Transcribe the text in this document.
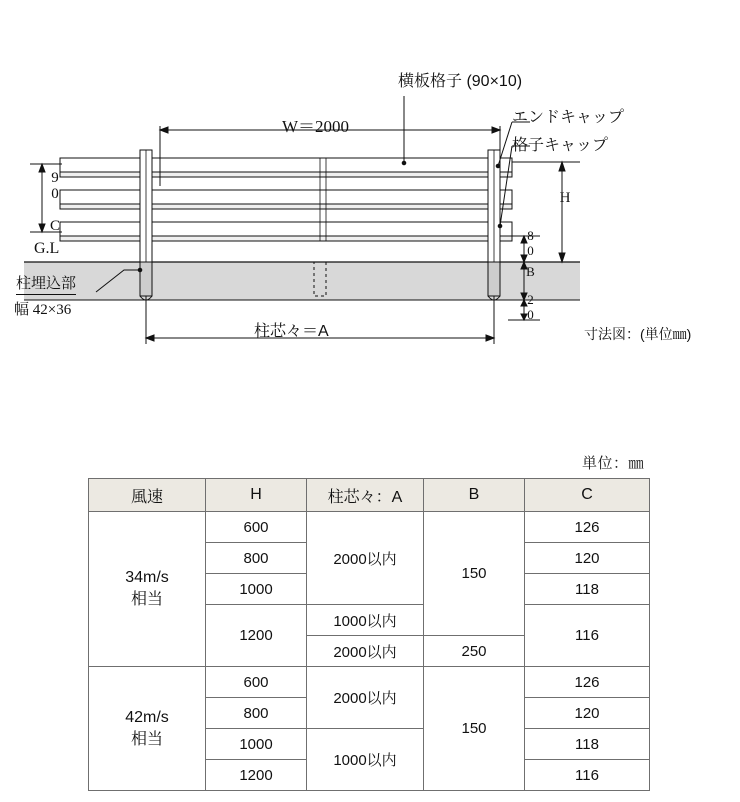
横板格子 (90×10)
エンドキャップ
格子キャップ
W＝2000
90 C	H
80
B
20
G.L
柱埋込部
幅 42×36
柱芯々＝A	寸法図：(単位㎜)
単位：㎜
風速	H	柱芯々：A	B	C
34m/s
相当	600	2000以内	150	126
	800			120
	1000			118
	1200	1000以内		116
		2000以内	250	
42m/s
相当	600	2000以内	150	126
	800			120
	1000	1000以内		118
	1200			116
